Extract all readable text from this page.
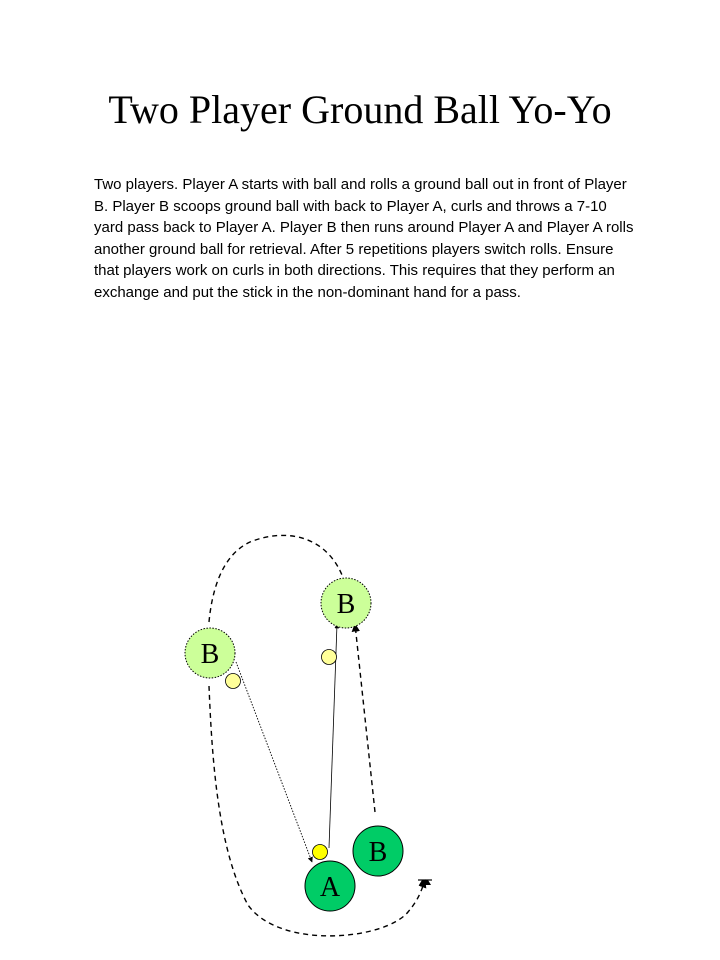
Two Player Ground Ball Yo-Yo
Two players. Player A starts with ball and rolls a ground ball out in front of Player B. Player B scoops ground ball with back to Player A, curls and throws a 7-10 yard pass back to Player A. Player B then runs around Player A and Player A rolls another ground ball for retrieval. After 5 repetitions players switch rolls. Ensure that players work on curls in both directions. This requires that they perform an exchange and put the stick in the non-dominant hand for a pass.
B
B
B
A
